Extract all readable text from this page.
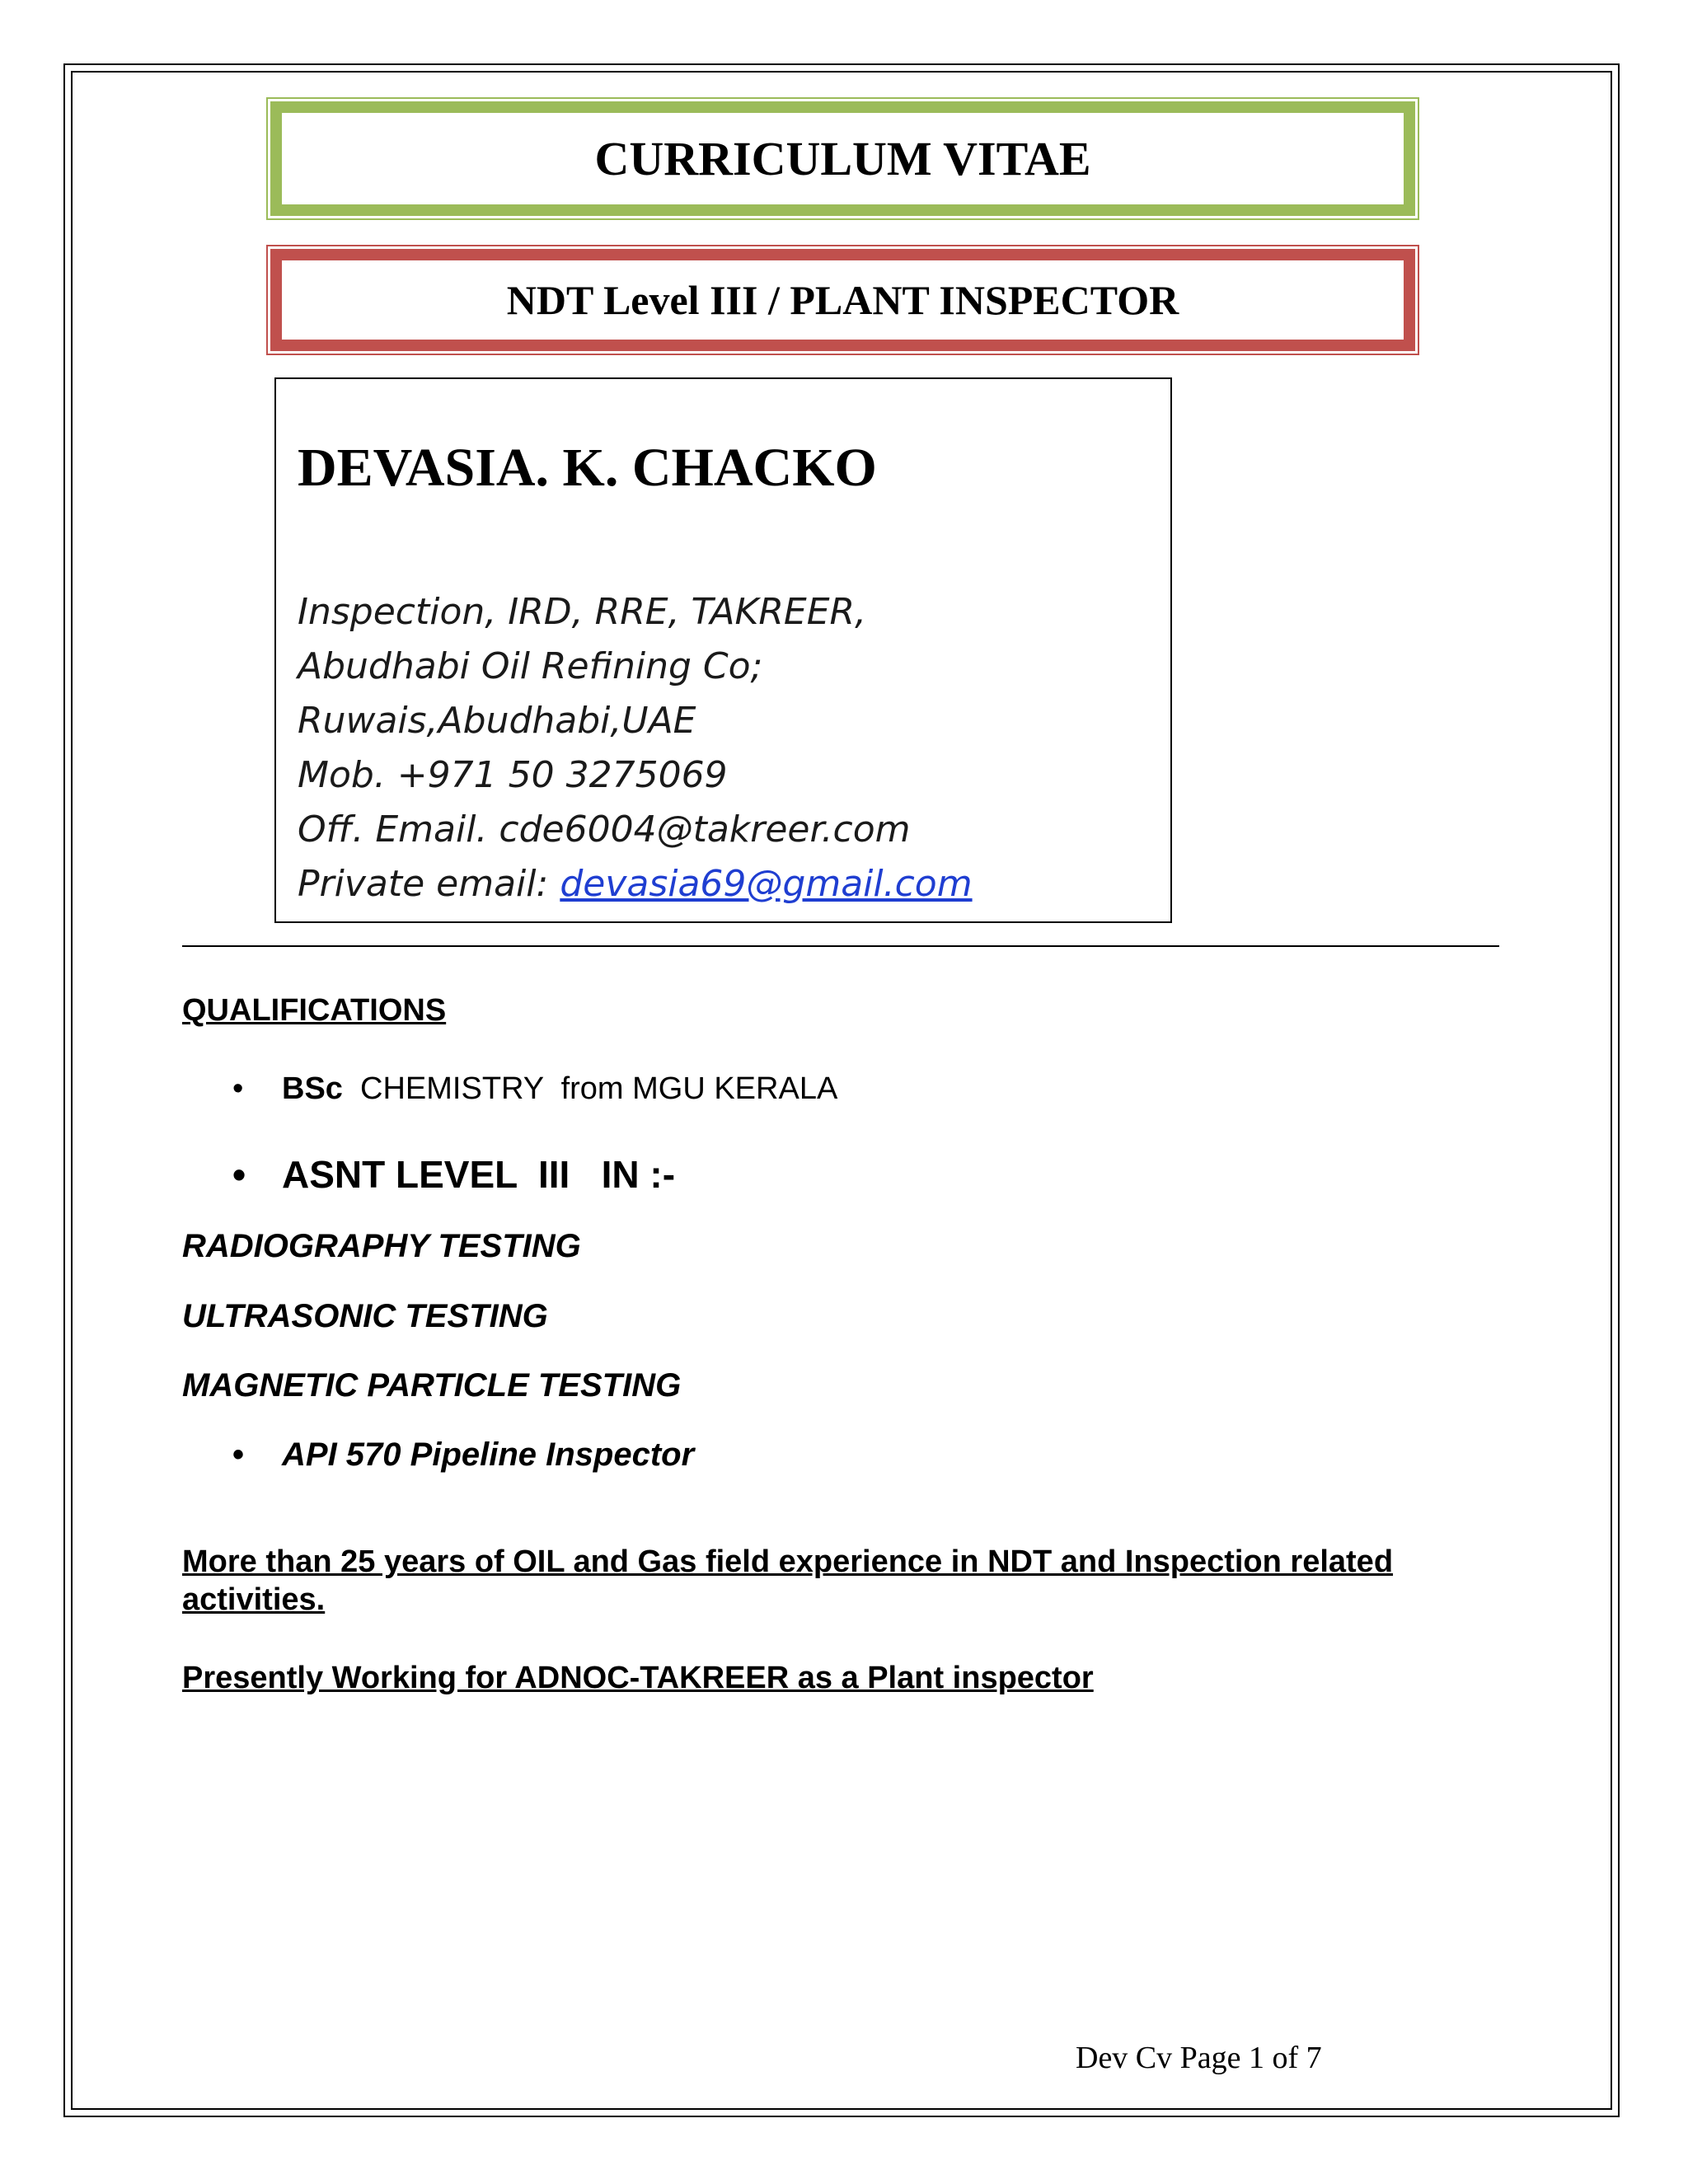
CURRICULUM VITAE
NDT Level III / PLANT INSPECTOR
DEVASIA. K. CHACKO
Inspection, IRD, RRE, TAKREER,
Abudhabi Oil Refining Co;
Ruwais,Abudhabi,UAE
Mob. +971 50 3275069
Off. Email. cde6004@takreer.com
Private email: devasia69@gmail.com
QUALIFICATIONS
• BSc  CHEMISTRY  from MGU KERALA
• ASNT LEVEL  III   IN :-
RADIOGRAPHY TESTING
ULTRASONIC TESTING
MAGNETIC PARTICLE TESTING
• API 570 Pipeline Inspector
More than 25 years of OIL and Gas field experience in NDT and Inspection related activities.
Presently Working for ADNOC-TAKREER as a Plant inspector
Dev Cv Page 1 of 7
